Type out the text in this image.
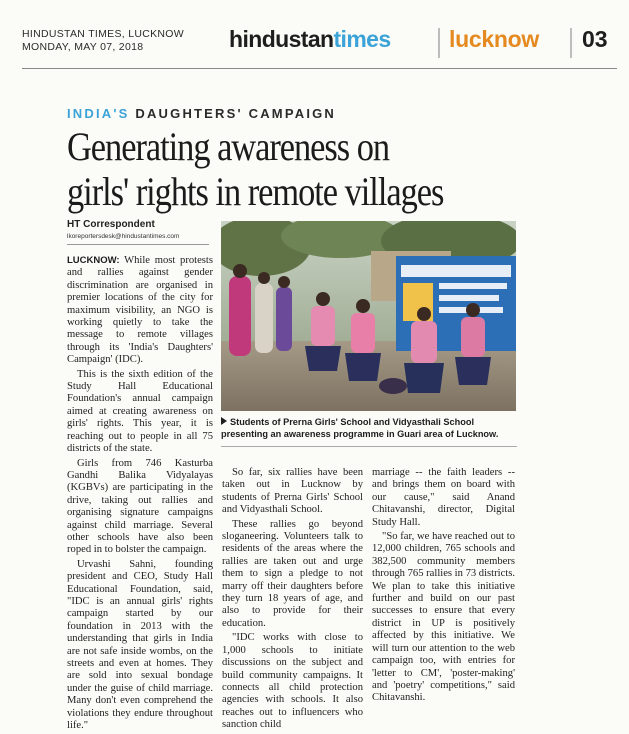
HINDUSTAN TIMES, LUCKNOW
MONDAY, MAY 07, 2018	hindustantimes	lucknow 03
INDIA'S DAUGHTERS' CAMPAIGN
Generating awareness on
girls' rights in remote villages
HT Correspondent
lkoreportersdesk@hindustantimes.com

LUCKNOW: While most protests and rallies against gender discrimination are organised in premier locations of the city for maximum visibility, an NGO is working quietly to take the message to remote villages through its 'India's Daughters' Campaign' (IDC).

This is the sixth edition of the Study Hall Educational Foundation's annual campaign aimed at creating awareness on girls' rights. This year, it is reaching out to people in all 75 districts of the state.

Girls from 746 Kasturba Gandhi Balika Vidyalayas (KGBVs) are participating in the drive, taking out rallies and organising signature campaigns against child marriage. Several other schools have also been roped in to bolster the campaign.

Urvashi Sahni, founding president and CEO, Study Hall Educational Foundation, said, "IDC is an annual girls' rights campaign started by our foundation in 2013 with the understanding that girls in India are not safe inside wombs, on the streets and even at homes. They are sold into sexual bondage under the guise of child marriage. Many don't even comprehend the violations they endure throughout life."

Students of Prerna Girls' School and Vidyasthali School presenting an awareness programme in Guari area of Lucknow.

So far, six rallies have been taken out in Lucknow by students of Prerna Girls' School and Vidyasthali School.

These rallies go beyond sloganeering. Volunteers talk to residents of the areas where the rallies are taken out and urge them to sign a pledge to not marry off their daughters before they turn 18 years of age, and also to provide for their education.

"IDC works with close to 1,000 schools to initiate discussions on the subject and build community campaigns. It connects all child protection agencies with schools. It also reaches out to influencers who sanction child

marriage -- the faith leaders -- and brings them on board with our cause," said Anand Chitavanshi, director, Digital Study Hall.

"So far, we have reached out to 12,000 children, 765 schools and 382,500 community members through 765 rallies in 73 districts. We plan to take this initiative further and build on our past successes to ensure that every district in UP is positively affected by this initiative. We will turn our attention to the web campaign too, with entries for 'letter to CM', 'poster-making' and 'poetry' competitions," said Chitavanshi.
